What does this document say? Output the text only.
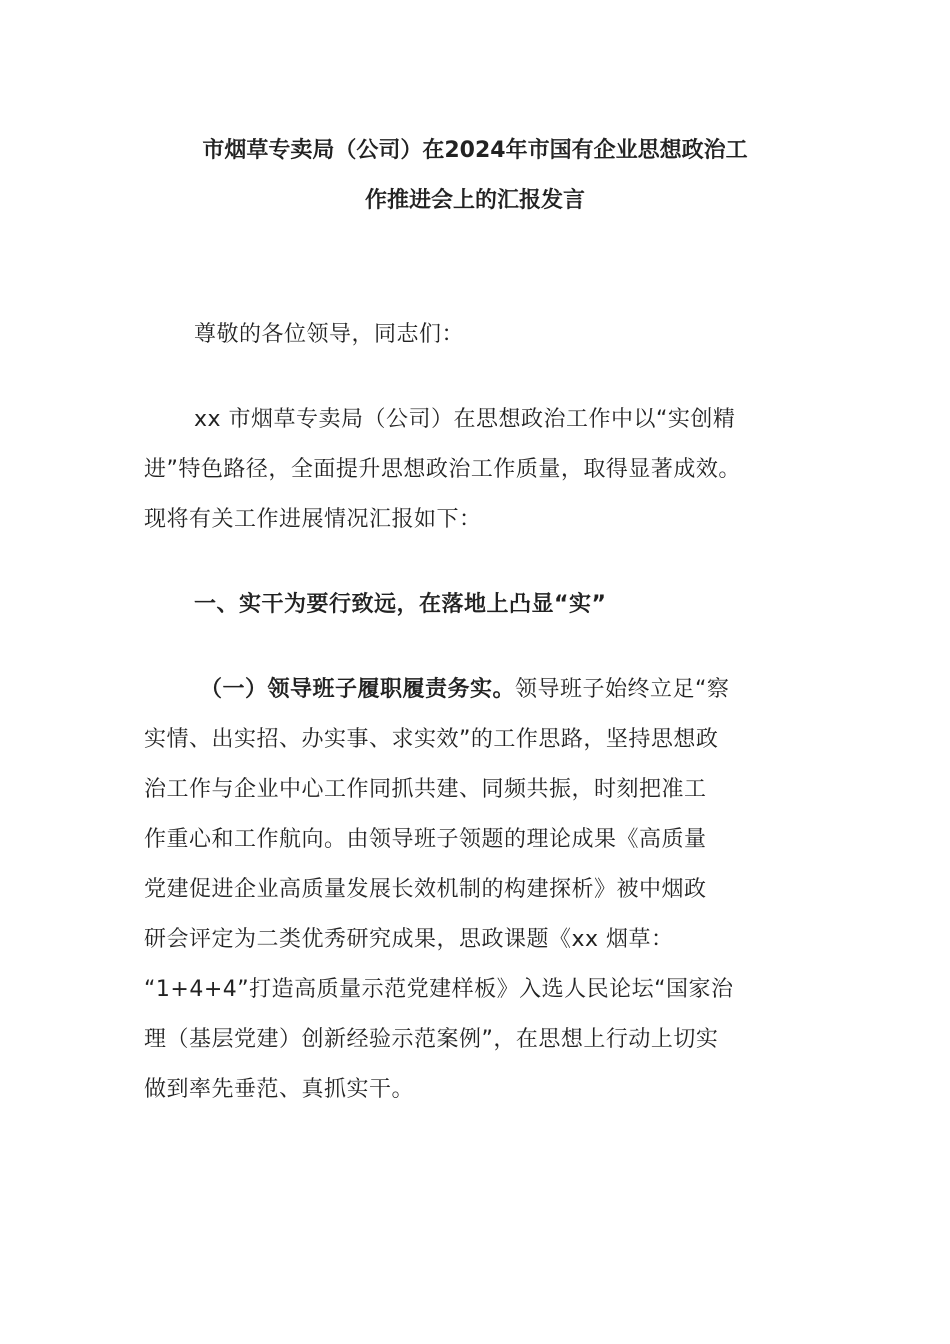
市烟草专卖局（公司）在2024年市国有企业思想政治工
作推进会上的汇报发言
尊敬的各位领导，同志们：
xx 市烟草专卖局（公司）在思想政治工作中以“实创精
进”特色路径，全面提升思想政治工作质量，取得显著成效。
现将有关工作进展情况汇报如下：
一、实干为要行致远，在落地上凸显“实”
（一）领导班子履职履责务实。领导班子始终立足“察
实情、出实招、办实事、求实效”的工作思路，坚持思想政
治工作与企业中心工作同抓共建、同频共振，时刻把准工
作重心和工作航向。由领导班子领题的理论成果《高质量
党建促进企业高质量发展长效机制的构建探析》被中烟政
研会评定为二类优秀研究成果，思政课题《xx 烟草：
“1+4+4”打造高质量示范党建样板》入选人民论坛“国家治
理（基层党建）创新经验示范案例”，在思想上行动上切实
做到率先垂范、真抓实干。
